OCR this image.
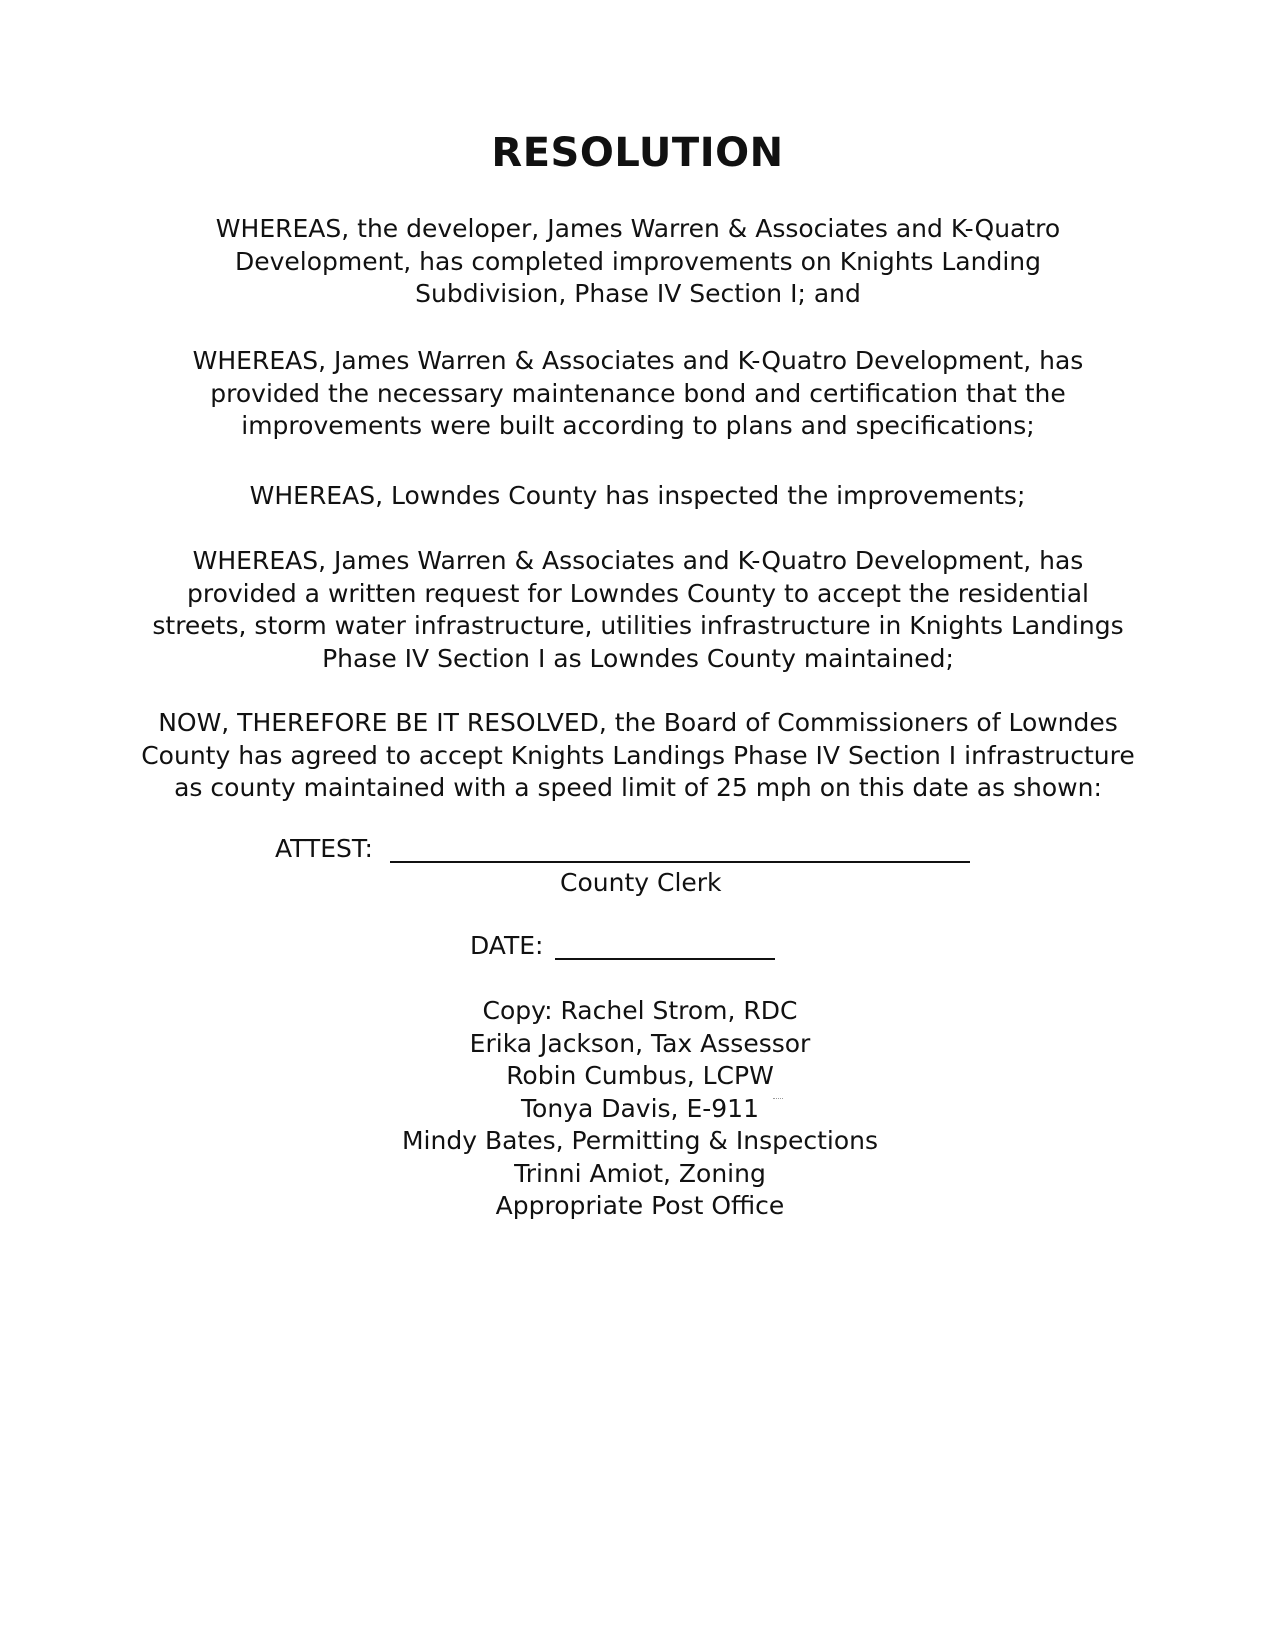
RESOLUTION

WHEREAS, the developer, James Warren & Associates and K-Quatro Development, has completed improvements on Knights Landing Subdivision, Phase IV Section I; and

WHEREAS, James Warren & Associates and K-Quatro Development, has provided the necessary maintenance bond and certification that the improvements were built according to plans and specifications;

WHEREAS, Lowndes County has inspected the improvements;

WHEREAS, James Warren & Associates and K-Quatro Development, has provided a written request for Lowndes County to accept the residential streets, storm water infrastructure, utilities infrastructure in Knights Landings Phase IV Section I as Lowndes County maintained;

NOW, THEREFORE BE IT RESOLVED, the Board of Commissioners of Lowndes County has agreed to accept Knights Landings Phase IV Section I infrastructure as county maintained with a speed limit of 25 mph on this date as shown:

ATTEST:
County Clerk
DATE:
Copy: Rachel Strom, RDC
Erika Jackson, Tax Assessor
Robin Cumbus, LCPW
Tonya Davis, E-911
Mindy Bates, Permitting & Inspections
Trinni Amiot, Zoning
Appropriate Post Office
